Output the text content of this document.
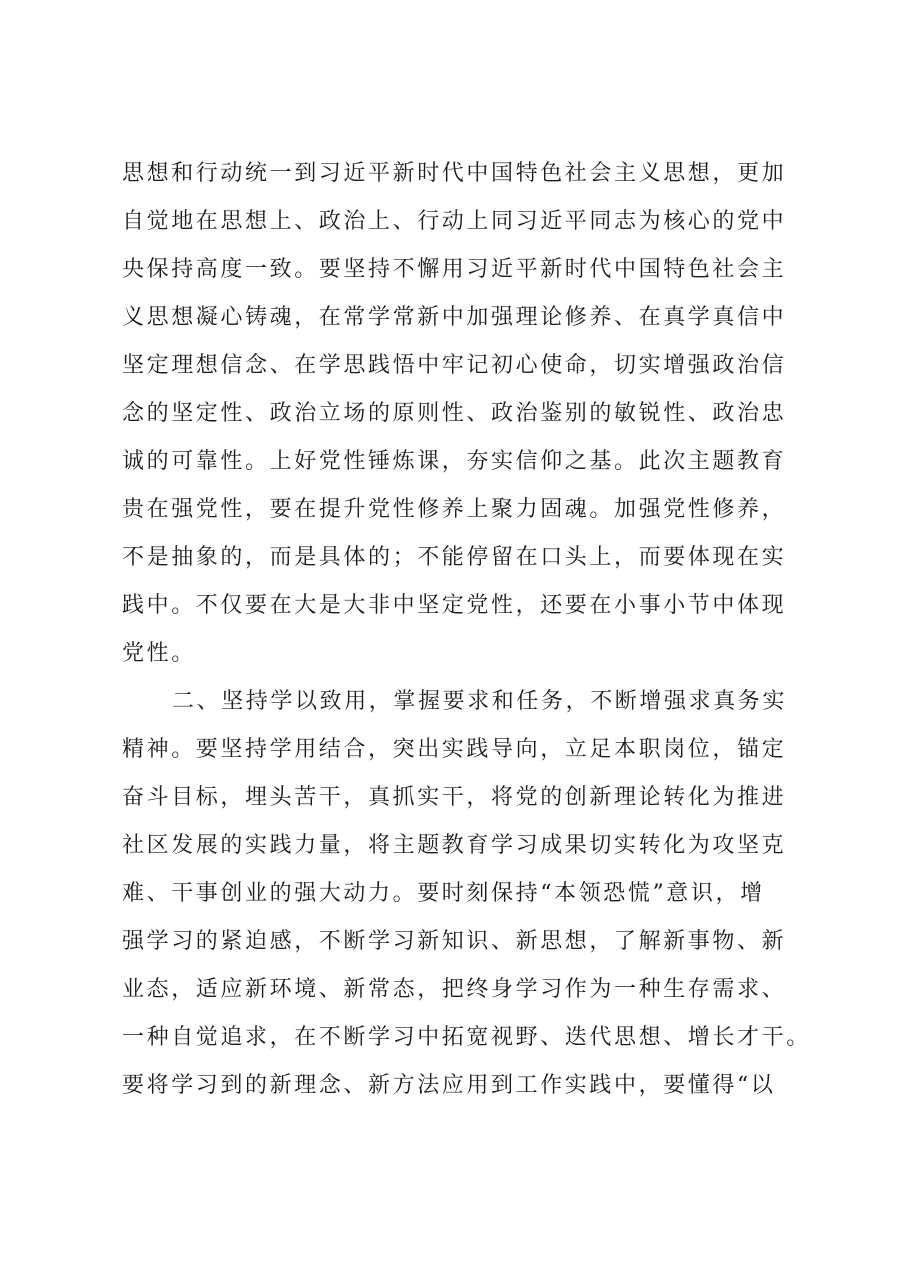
思想和行动统一到习近平新时代中国特色社会主义思想，更加
自觉地在思想上、政治上、行动上同习近平同志为核心的党中
央保持高度一致。要坚持不懈用习近平新时代中国特色社会主
义思想凝心铸魂，在常学常新中加强理论修养、在真学真信中
坚定理想信念、在学思践悟中牢记初心使命，切实增强政治信
念的坚定性、政治立场的原则性、政治鉴别的敏锐性、政治忠
诚的可靠性。上好党性锤炼课，夯实信仰之基。此次主题教育
贵在强党性，要在提升党性修养上聚力固魂。加强党性修养，
不是抽象的，而是具体的；不能停留在口头上，而要体现在实
践中。不仅要在大是大非中坚定党性，还要在小事小节中体现
党性。
二、坚持学以致用，掌握要求和任务，不断增强求真务实
精神。要坚持学用结合，突出实践导向，立足本职岗位，锚定
奋斗目标，埋头苦干，真抓实干，将党的创新理论转化为推进
社区发展的实践力量，将主题教育学习成果切实转化为攻坚克
难、干事创业的强大动力。要时刻保持“本领恐慌”意识，增
强学习的紧迫感，不断学习新知识、新思想，了解新事物、新
业态，适应新环境、新常态，把终身学习作为一种生存需求、
一种自觉追求，在不断学习中拓宽视野、迭代思想、增长才干。
要将学习到的新理念、新方法应用到工作实践中，要懂得“以
